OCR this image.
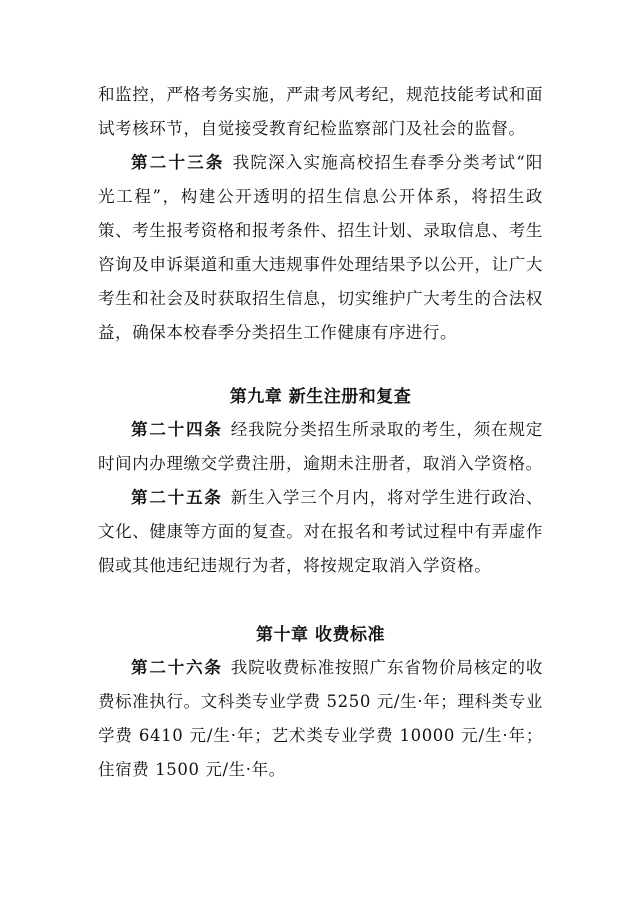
和监控，严格考务实施，严肃考风考纪，规范技能考试和面试考核环节，自觉接受教育纪检监察部门及社会的监督。

第二十三条 我院深入实施高校招生春季分类考试“阳光工程”，构建公开透明的招生信息公开体系，将招生政策、考生报考资格和报考条件、招生计划、录取信息、考生咨询及申诉渠道和重大违规事件处理结果予以公开，让广大考生和社会及时获取招生信息，切实维护广大考生的合法权益，确保本校春季分类招生工作健康有序进行。

第九章 新生注册和复查

第二十四条 经我院分类招生所录取的考生，须在规定时间内办理缴交学费注册，逾期未注册者，取消入学资格。

第二十五条 新生入学三个月内，将对学生进行政治、文化、健康等方面的复查。对在报名和考试过程中有弄虚作假或其他违纪违规行为者，将按规定取消入学资格。

第十章 收费标准

第二十六条 我院收费标准按照广东省物价局核定的收费标准执行。文科类专业学费 5250 元/生·年；理科类专业学费 6410 元/生·年；艺术类专业学费 10000 元/生·年；住宿费 1500 元/生·年。
